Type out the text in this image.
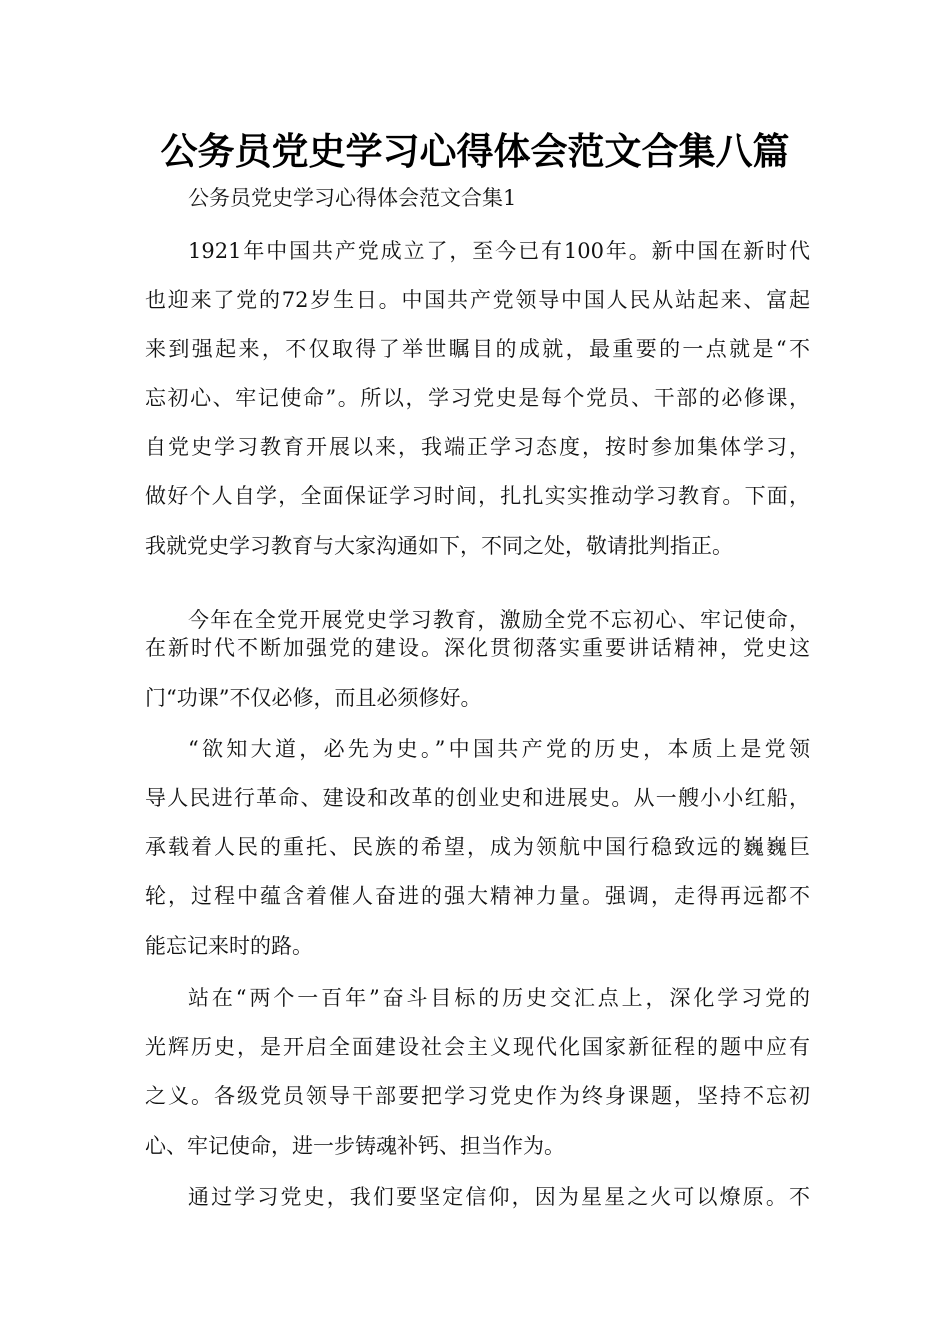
公务员党史学习心得体会范文合集八篇
公务员党史学习心得体会范文合集1
1921年中国共产党成立了，至今已有100年。新中国在新时代
也迎来了党的72岁生日。中国共产党领导中国人民从站起来、富起
来到强起来，不仅取得了举世瞩目的成就，最重要的一点就是“不
忘初心、牢记使命”。所以，学习党史是每个党员、干部的必修课，
自党史学习教育开展以来，我端正学习态度，按时参加集体学习，
做好个人自学，全面保证学习时间，扎扎实实推动学习教育。下面，
我就党史学习教育与大家沟通如下，不同之处，敬请批判指正。
今年在全党开展党史学习教育，激励全党不忘初心、牢记使命，
在新时代不断加强党的建设。深化贯彻落实重要讲话精神，党史这
门“功课”不仅必修，而且必须修好。
“欲知大道，必先为史。”中国共产党的历史，本质上是党领
导人民进行革命、建设和改革的创业史和进展史。从一艘小小红船，
承载着人民的重托、民族的希望，成为领航中国行稳致远的巍巍巨
轮，过程中蕴含着催人奋进的强大精神力量。强调，走得再远都不
能忘记来时的路。
站在“两个一百年”奋斗目标的历史交汇点上，深化学习党的
光辉历史，是开启全面建设社会主义现代化国家新征程的题中应有
之义。各级党员领导干部要把学习党史作为终身课题，坚持不忘初
心、牢记使命，进一步铸魂补钙、担当作为。
通过学习党史，我们要坚定信仰，因为星星之火可以燎原。不
